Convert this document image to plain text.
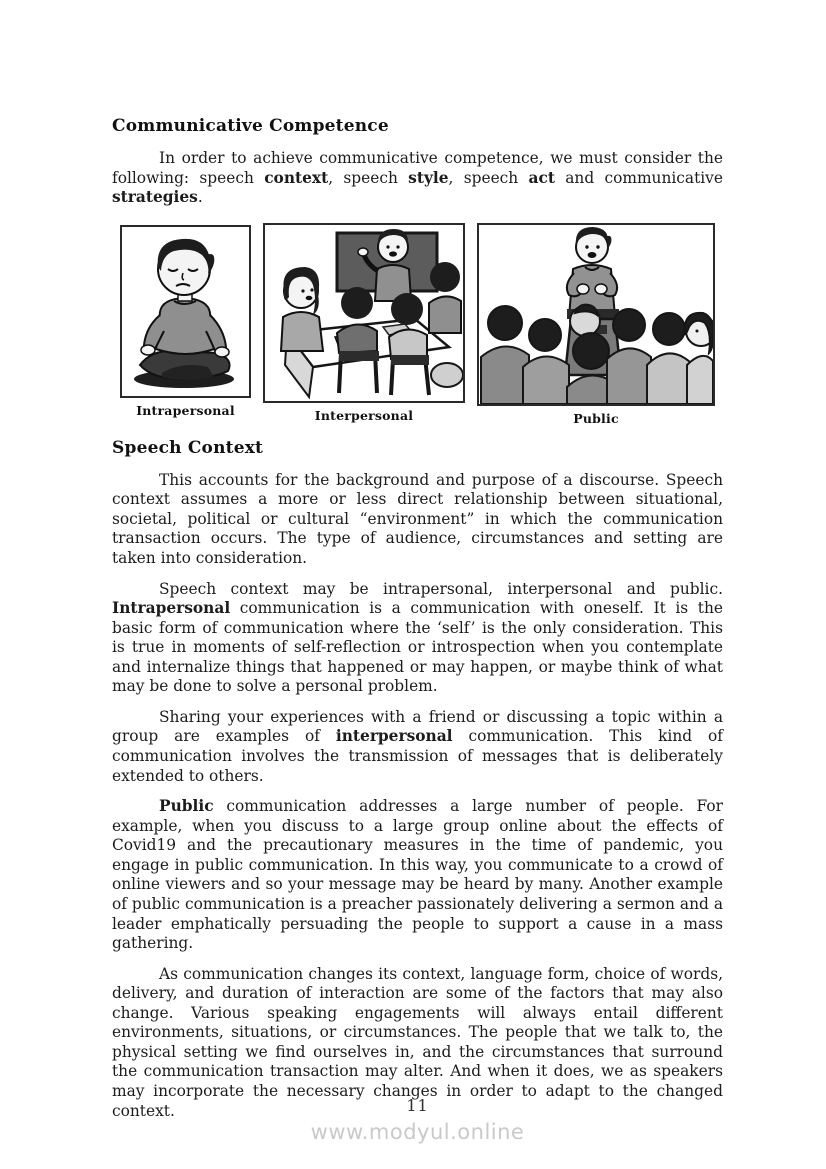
Communicative Competence

In order to achieve communicative competence, we must consider the following: speech context, speech style, speech act and communicative strategies.

Intrapersonal	Interpersonal	Public
Speech Context

This accounts for the background and purpose of a discourse. Speech context assumes a more or less direct relationship between situational, societal, political or cultural “environment” in which the communication transaction occurs. The type of audience, circumstances and setting are taken into consideration.

Speech context may be intrapersonal, interpersonal and public. Intrapersonal communication is a communication with oneself. It is the basic form of communication where the ‘self’ is the only consideration. This is true in moments of self-reflection or introspection when you contemplate and internalize things that happened or may happen, or maybe think of what may be done to solve a personal problem.

Sharing your experiences with a friend or discussing a topic within a group are examples of interpersonal communication. This kind of communication involves the transmission of messages that is deliberately extended to others.

Public communication addresses a large number of people. For example, when you discuss to a large group online about the effects of Covid19 and the precautionary measures in the time of pandemic, you engage in public communication. In this way, you communicate to a crowd of online viewers and so your message may be heard by many. Another example of public communication is a preacher passionately delivering a sermon and a leader emphatically persuading the people to support a cause in a mass gathering.

As communication changes its context, language form, choice of words, delivery, and duration of interaction are some of the factors that may also change. Various speaking engagements will always entail different environments, situations, or circumstances. The people that we talk to, the physical setting we find ourselves in, and the circumstances that surround the communication transaction may alter. And when it does, we as speakers may incorporate the necessary changes in order to adapt to the changed context.	11
www.modyul.online
